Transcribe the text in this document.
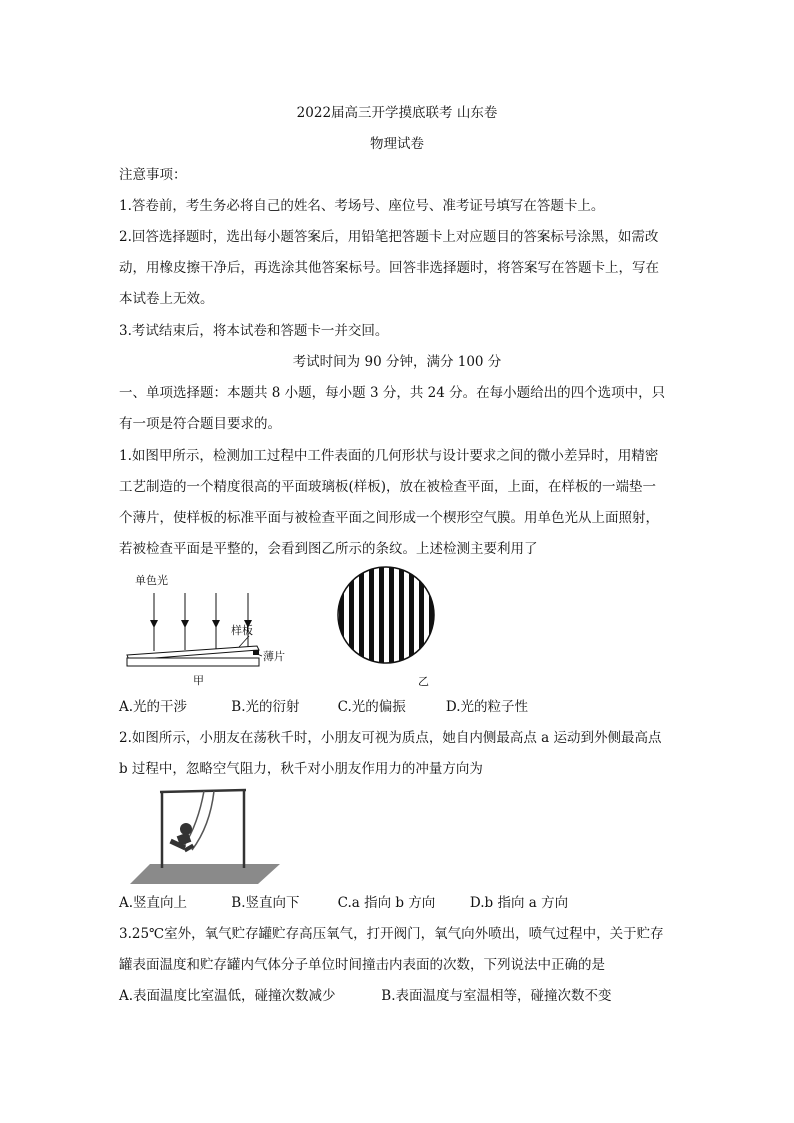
2022届高三开学摸底联考 山东卷
物理试卷
注意事项：
1.答卷前，考生务必将自己的姓名、考场号、座位号、准考证号填写在答题卡上。
2.回答选择题时，选出每小题答案后，用铅笔把答题卡上对应题目的答案标号涂黑，如需改
动，用橡皮擦干净后，再选涂其他答案标号。回答非选择题时，将答案写在答题卡上，写在
本试卷上无效。
3.考试结束后，将本试卷和答题卡一并交回。
考试时间为 90 分钟，满分 100 分
一、单项选择题：本题共 8 小题，每小题 3 分，共 24 分。在每小题给出的四个选项中，只
有一项是符合题目要求的。
1.如图甲所示，检测加工过程中工件表面的几何形状与设计要求之间的微小差异时，用精密
工艺制造的一个精度很高的平面玻璃板(样板)，放在被检查平面，上面，在样板的一端垫一
个薄片，使样板的标准平面与被检查平面之间形成一个楔形空气膜。用单色光从上面照射，
若被检查平面是平整的，会看到图乙所示的条纹。上述检测主要利用了
单色光
样板
薄片
甲	乙
A.光的干涉	B.光的衍射	C.光的偏振	D.光的粒子性
2.如图所示，小朋友在荡秋千时，小朋友可视为质点，她自内侧最高点 a 运动到外侧最高点
b 过程中，忽略空气阻力，秋千对小朋友作用力的冲量方向为
A.竖直向上	B.竖直向下	C.a 指向 b 方向	D.b 指向 a 方向
3.25℃室外，氧气贮存罐贮存高压氧气，打开阀门，氧气向外喷出，喷气过程中，关于贮存
罐表面温度和贮存罐内气体分子单位时间撞击内表面的次数，下列说法中正确的是
A.表面温度比室温低，碰撞次数减少	B.表面温度与室温相等，碰撞次数不变
